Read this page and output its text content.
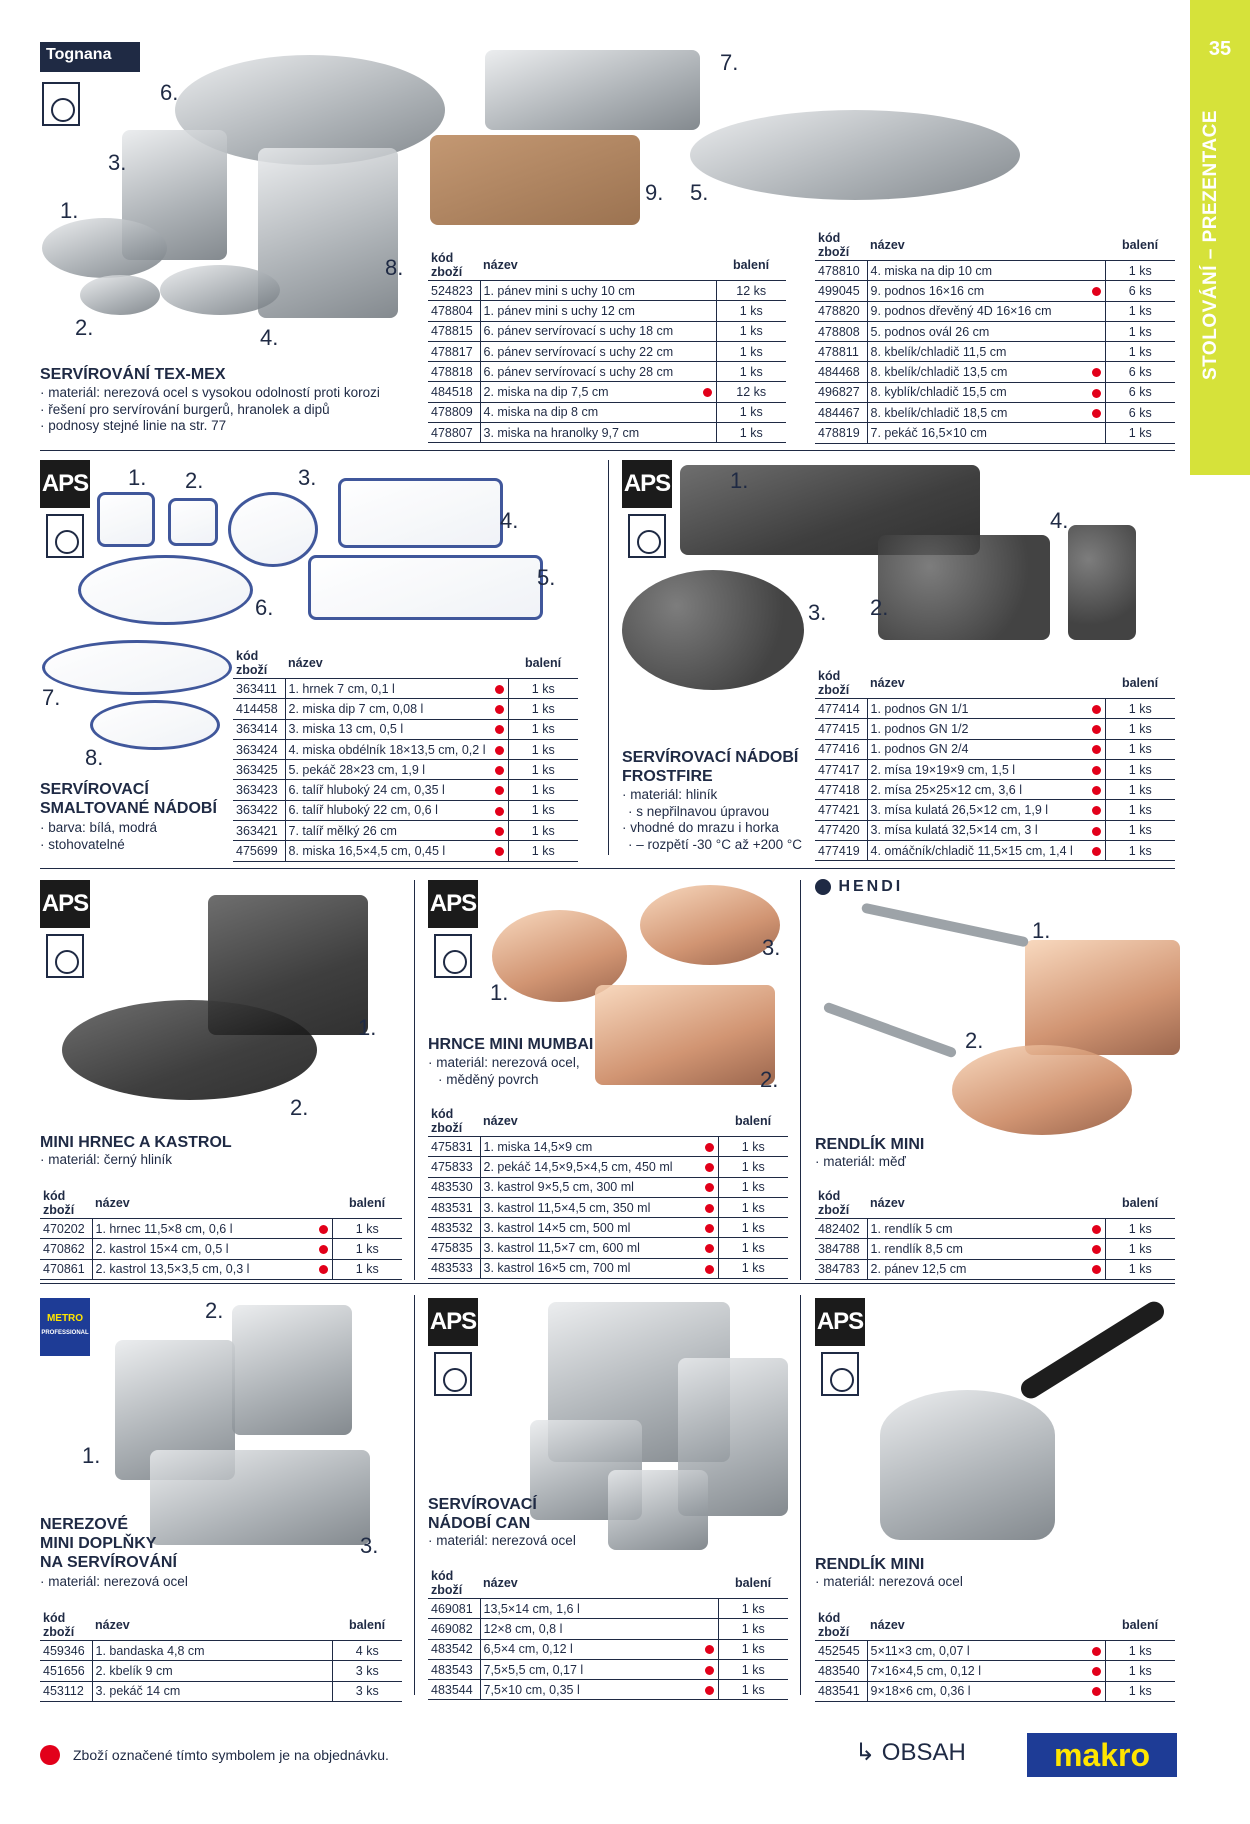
35
STOLOVÁNÍ – PREZENTACE
Tognana
6.
3.
1.
2.	4.
8.
7.
9. 5.
SERVÍROVÁNÍ TEX-MEX
· materiál: nerezová ocel s vysokou odolností proti korozi
· řešení pro servírování burgerů, hranolek a dipů
· podnosy stejné linie na str. 77
kód zboží	název		balení
524823	1. pánev mini s uchy 10 cm		12 ks
478804	1. pánev mini s uchy 12 cm		1 ks
478815	6. pánev servírovací s uchy 18 cm		1 ks
478817	6. pánev servírovací s uchy 22 cm		1 ks
478818	6. pánev servírovací s uchy 28 cm		1 ks
484518	2. miska na dip 7,5 cm		12 ks
478809	4. miska na dip 8 cm		1 ks
478807	3. miska na hranolky 9,7 cm		1 ks
kód zboží	název		balení
478810	4. miska na dip 10 cm		1 ks
499045	9. podnos 16×16 cm		6 ks
478820	9. podnos dřevěný 4D 16×16 cm		1 ks
478808	5. podnos ovál 26 cm		1 ks
478811	8. kbelík/chladič 11,5 cm		1 ks
484468	8. kbelík/chladič 13,5 cm		6 ks
496827	8. kyblík/chladič 15,5 cm		6 ks
484467	8. kbelík/chladič 18,5 cm		6 ks
478819	7. pekáč 16,5×10 cm		1 ks
APS 1. 2.	3.
4.
5.
6.
7.
8.
SERVÍROVACÍ
SMALTOVANÉ NÁDOBÍ
· barva: bílá, modrá
· stohovatelné
kód zboží	název		balení
363411	1. hrnek 7 cm, 0,1 l		1 ks
414458	2. miska dip 7 cm, 0,08 l		1 ks
363414	3. miska 13 cm, 0,5 l		1 ks
363424	4. miska obdélník 18×13,5 cm, 0,2 l		1 ks
363425	5. pekáč 28×23 cm, 1,9 l		1 ks
363423	6. talíř hluboký 24 cm, 0,35 l		1 ks
363422	6. talíř hluboký 22 cm, 0,6 l		1 ks
363421	7. talíř mělký 26 cm		1 ks
475699	8. miska 16,5×4,5 cm, 0,45 l		1 ks
APS	1.
2.
3.
4.
SERVÍROVACÍ NÁDOBÍ
FROSTFIRE
· materiál: hliník
· s nepřilnavou úpravou
· vhodné do mrazu i horka
· – rozpětí -30 °C až +200 °C
kód zboží	název		balení
477414	1. podnos GN 1/1		1 ks
477415	1. podnos GN 1/2		1 ks
477416	1. podnos GN 2/4		1 ks
477417	2. mísa 19×19×9 cm, 1,5 l		1 ks
477418	2. mísa 25×25×12 cm, 3,6 l		1 ks
477421	3. mísa kulatá 26,5×12 cm, 1,9 l		1 ks
477420	3. mísa kulatá 32,5×14 cm, 3 l		1 ks
477419	4. omáčník/chladič 11,5×15 cm, 1,4 l		1 ks
APS
1.
2.
MINI HRNEC A KASTROL
· materiál: černý hliník
kód zboží	název		balení
470202	1. hrnec 11,5×8 cm, 0,6 l		1 ks
470862	2. kastrol 15×4 cm, 0,5 l		1 ks
470861	2. kastrol 13,5×3,5 cm, 0,3 l		1 ks
APS
1.
2.
3.
HRNCE MINI MUMBAI
· materiál: nerezová ocel,
· měděný povrch
kód zboží	název		balení
475831	1. miska 14,5×9 cm		1 ks
475833	2. pekáč 14,5×9,5×4,5 cm, 450 ml		1 ks
483530	3. kastrol 9×5,5 cm, 300 ml		1 ks
483531	3. kastrol 11,5×4,5 cm, 350 ml		1 ks
483532	3. kastrol 14×5 cm, 500 ml		1 ks
475835	3. kastrol 11,5×7 cm, 600 ml		1 ks
483533	3. kastrol 16×5 cm, 700 ml		1 ks
HENDI
1.
2.
RENDLÍK MINI
· materiál: měď
kód zboží	název		balení
482402	1. rendlík 5 cm		1 ks
384788	1. rendlík 8,5 cm		1 ks
384783	2. pánev 12,5 cm		1 ks
METRO
PROFESSIONAL
2.
1.
3.
NEREZOVÉ
MINI DOPLŇKY
NA SERVÍROVÁNÍ
· materiál: nerezová ocel
kód zboží	název		balení
459346	1. bandaska 4,8 cm		4 ks
451656	2. kbelík 9 cm		3 ks
453112	3. pekáč 14 cm		3 ks
APS
SERVÍROVACÍ
NÁDOBÍ CAN
· materiál: nerezová ocel
kód zboží	název		balení
469081	13,5×14 cm, 1,6 l		1 ks
469082	12×8 cm, 0,8 l		1 ks
483542	6,5×4 cm, 0,12 l		1 ks
483543	7,5×5,5 cm, 0,17 l		1 ks
483544	7,5×10 cm, 0,35 l		1 ks
APS
RENDLÍK MINI
· materiál: nerezová ocel
kód zboží	název		balení
452545	5×11×3 cm, 0,07 l		1 ks
483540	7×16×4,5 cm, 0,12 l		1 ks
483541	9×18×6 cm, 0,36 l		1 ks
Zboží označené tímto symbolem je na objednávku.	↳ OBSAH	makro
